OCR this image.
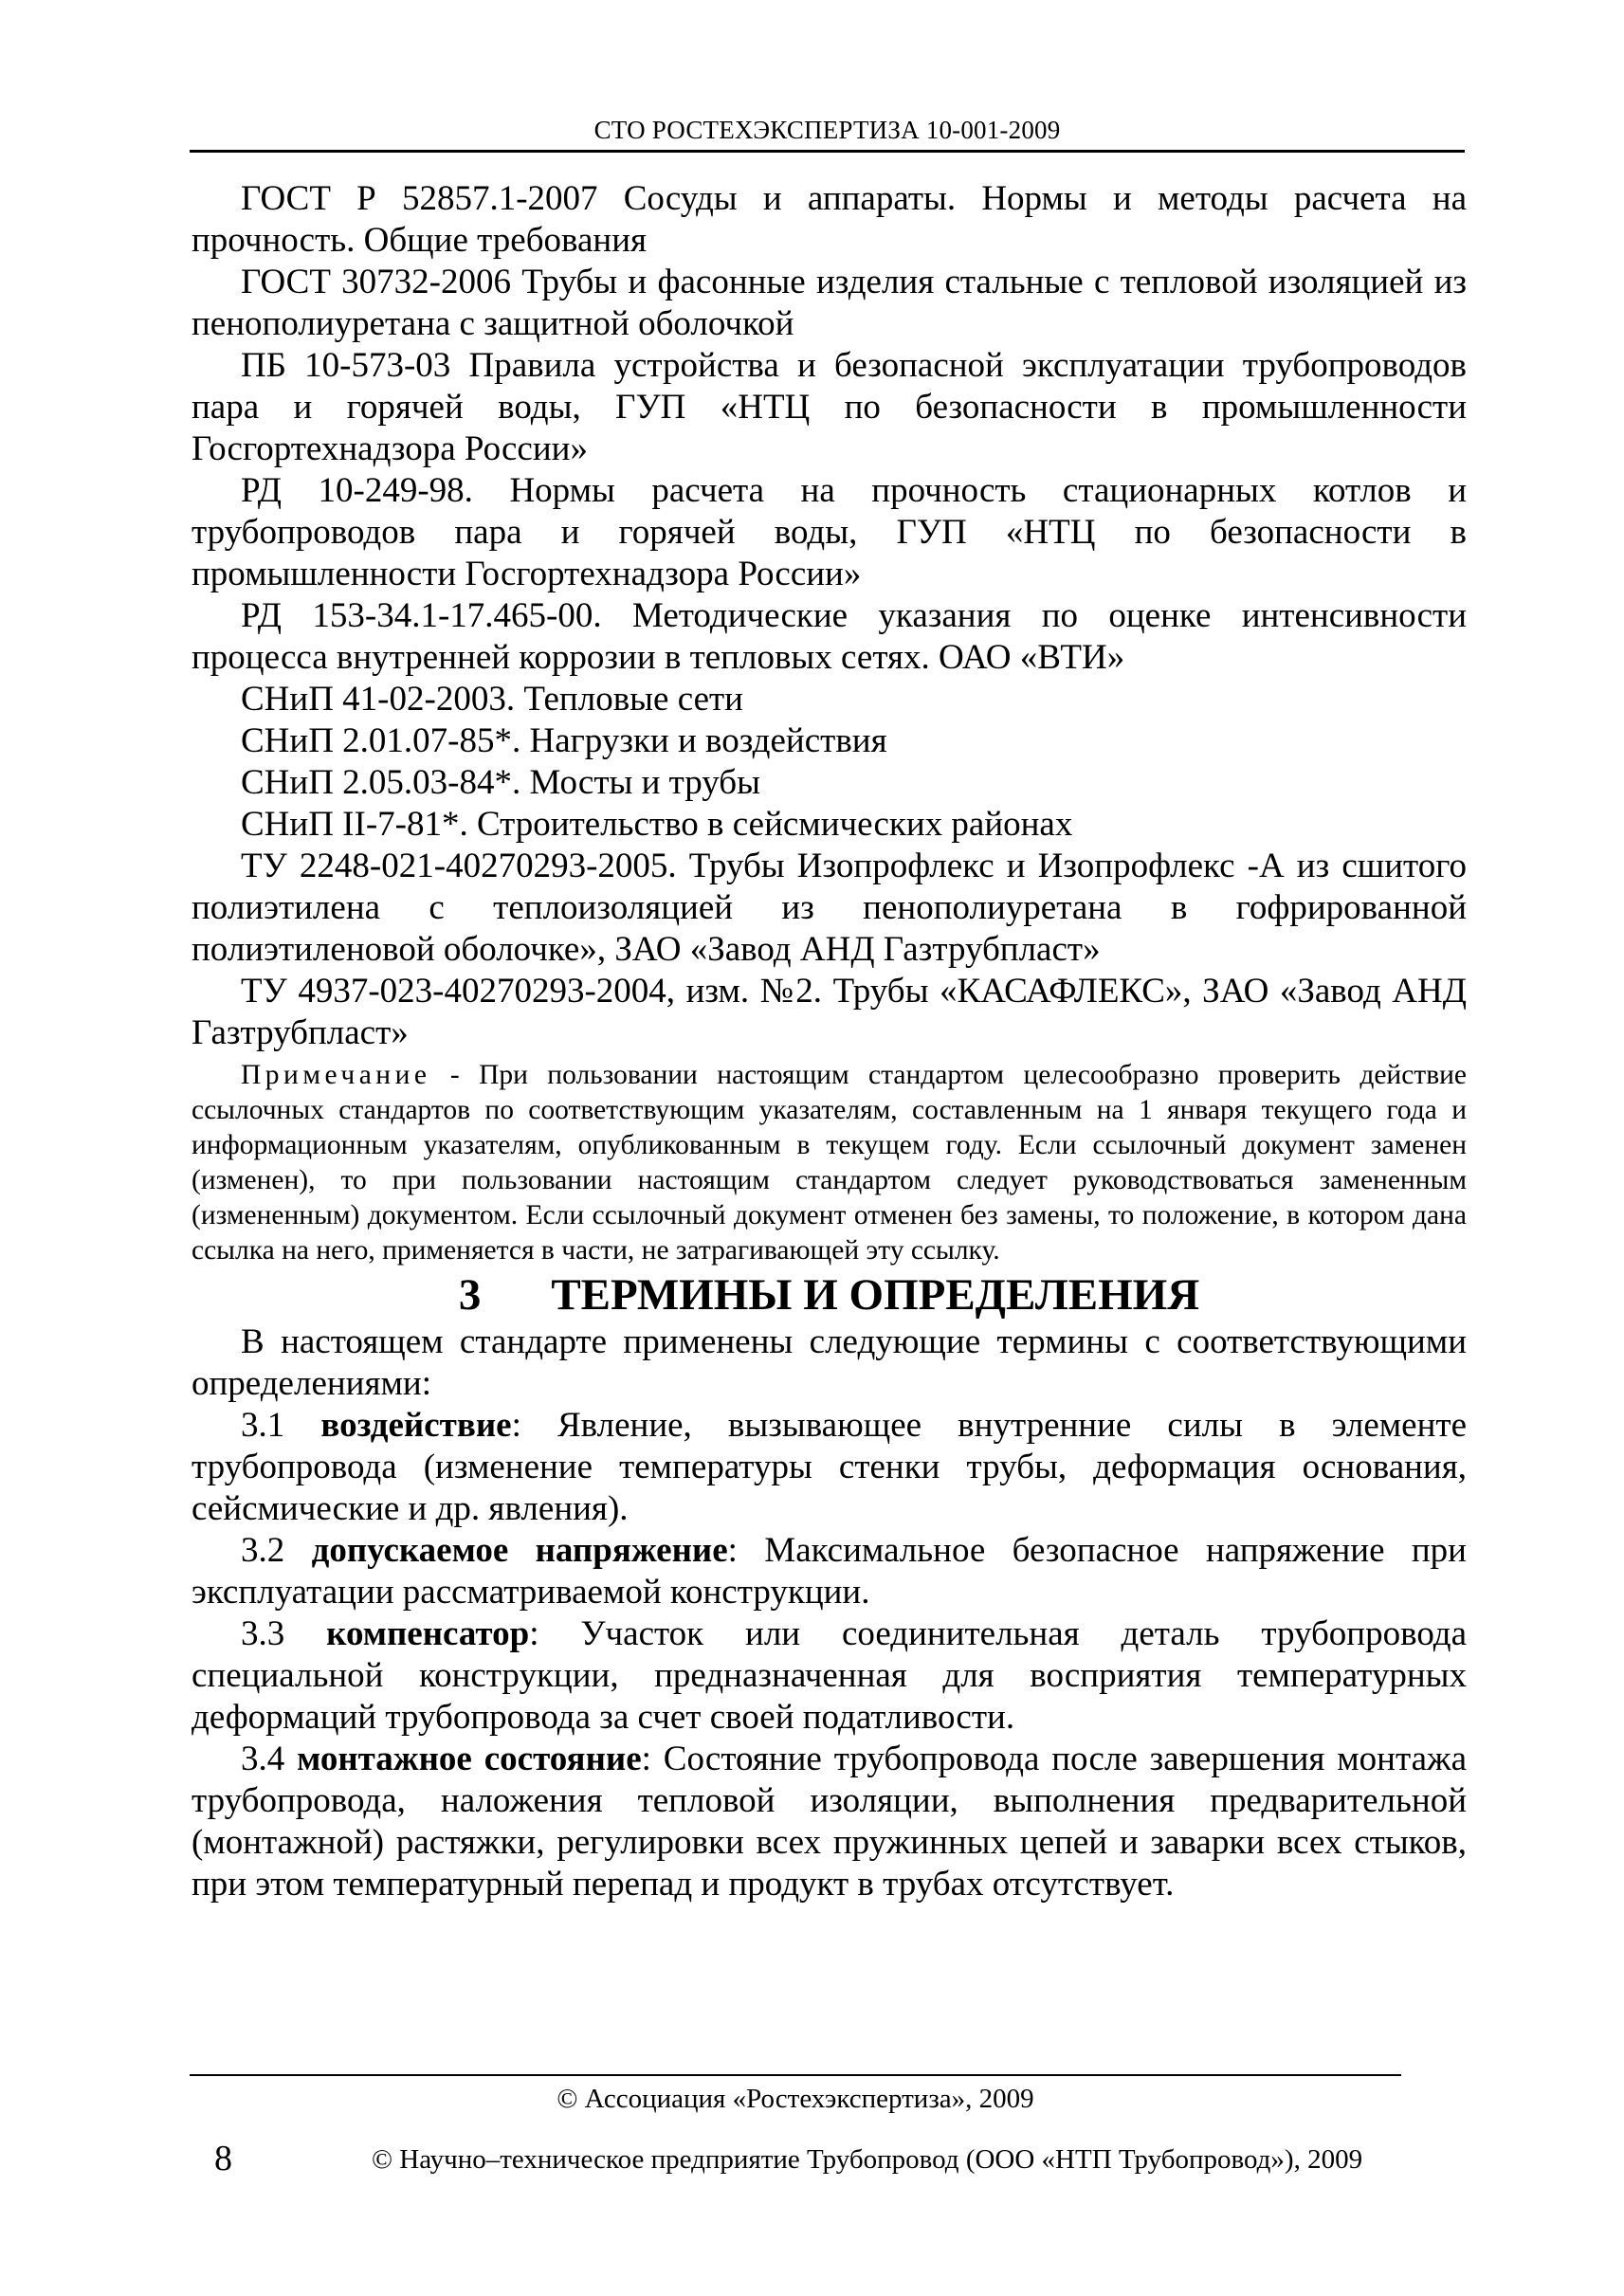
СТО РОСТЕХЭКСПЕРТИЗА 10-001-2009

ГОСТ Р 52857.1-2007 Сосуды и аппараты. Нормы и методы расчета на прочность. Общие требования

ГОСТ 30732-2006 Трубы и фасонные изделия стальные с тепловой изоляцией из пенополиуретана с защитной оболочкой

ПБ 10-573-03 Правила устройства и безопасной эксплуатации трубопроводов пара и горячей воды, ГУП «НТЦ по безопасности в промышленности Госгортехнадзора России»

РД 10-249-98. Нормы расчета на прочность стационарных котлов и трубопроводов пара и горячей воды, ГУП «НТЦ по безопасности в промышленности Госгортехнадзора России»

РД 153-34.1-17.465-00. Методические указания по оценке интенсивности процесса внутренней коррозии в тепловых сетях. ОАО «ВТИ»

СНиП 41-02-2003. Тепловые сети

СНиП 2.01.07-85*. Нагрузки и воздействия

СНиП 2.05.03-84*. Мосты и трубы

СНиП II-7-81*. Строительство в сейсмических районах

ТУ 2248-021-40270293-2005. Трубы Изопрофлекс и Изопрофлекс -А из сшитого полиэтилена с теплоизоляцией из пенополиуретана в гофрированной полиэтиленовой оболочке», ЗАО «Завод АНД Газтрубпласт»

ТУ 4937-023-40270293-2004, изм. №2. Трубы «КАСАФЛЕКС», ЗАО «Завод АНД Газтрубпласт»

Примечание - При пользовании настоящим стандартом целесообразно проверить действие ссылочных стандартов по соответствующим указателям, составленным на 1 января текущего года и информационным указателям, опубликованным в текущем году. Если ссылочный документ заменен (изменен), то при пользовании настоящим стандартом следует руководствоваться замененным (измененным) документом. Если ссылочный документ отменен без замены, то положение, в котором дана ссылка на него, применяется в части, не затрагивающей эту ссылку.

3 ТЕРМИНЫ И ОПРЕДЕЛЕНИЯ

В настоящем стандарте применены следующие термины с соответствующими определениями:

3.1 воздействие: Явление, вызывающее внутренние силы в элементе трубопровода (изменение температуры стенки трубы, деформация основания, сейсмические и др. явления).

3.2 допускаемое напряжение: Максимальное безопасное напряжение при эксплуатации рассматриваемой конструкции.

3.3 компенсатор: Участок или соединительная деталь трубопровода специальной конструкции, предназначенная для восприятия температурных деформаций трубопровода за счет своей податливости.

3.4 монтажное состояние: Состояние трубопровода после завершения монтажа трубопровода, наложения тепловой изоляции, выполнения предварительной (монтажной) растяжки, регулировки всех пружинных цепей и заварки всех стыков, при этом температурный перепад и продукт в трубах отсутствует.

© Ассоциация «Ростехэкспертиза», 2009
8	© Научно–техническое предприятие Трубопровод (ООО «НТП Трубопровод»), 2009
